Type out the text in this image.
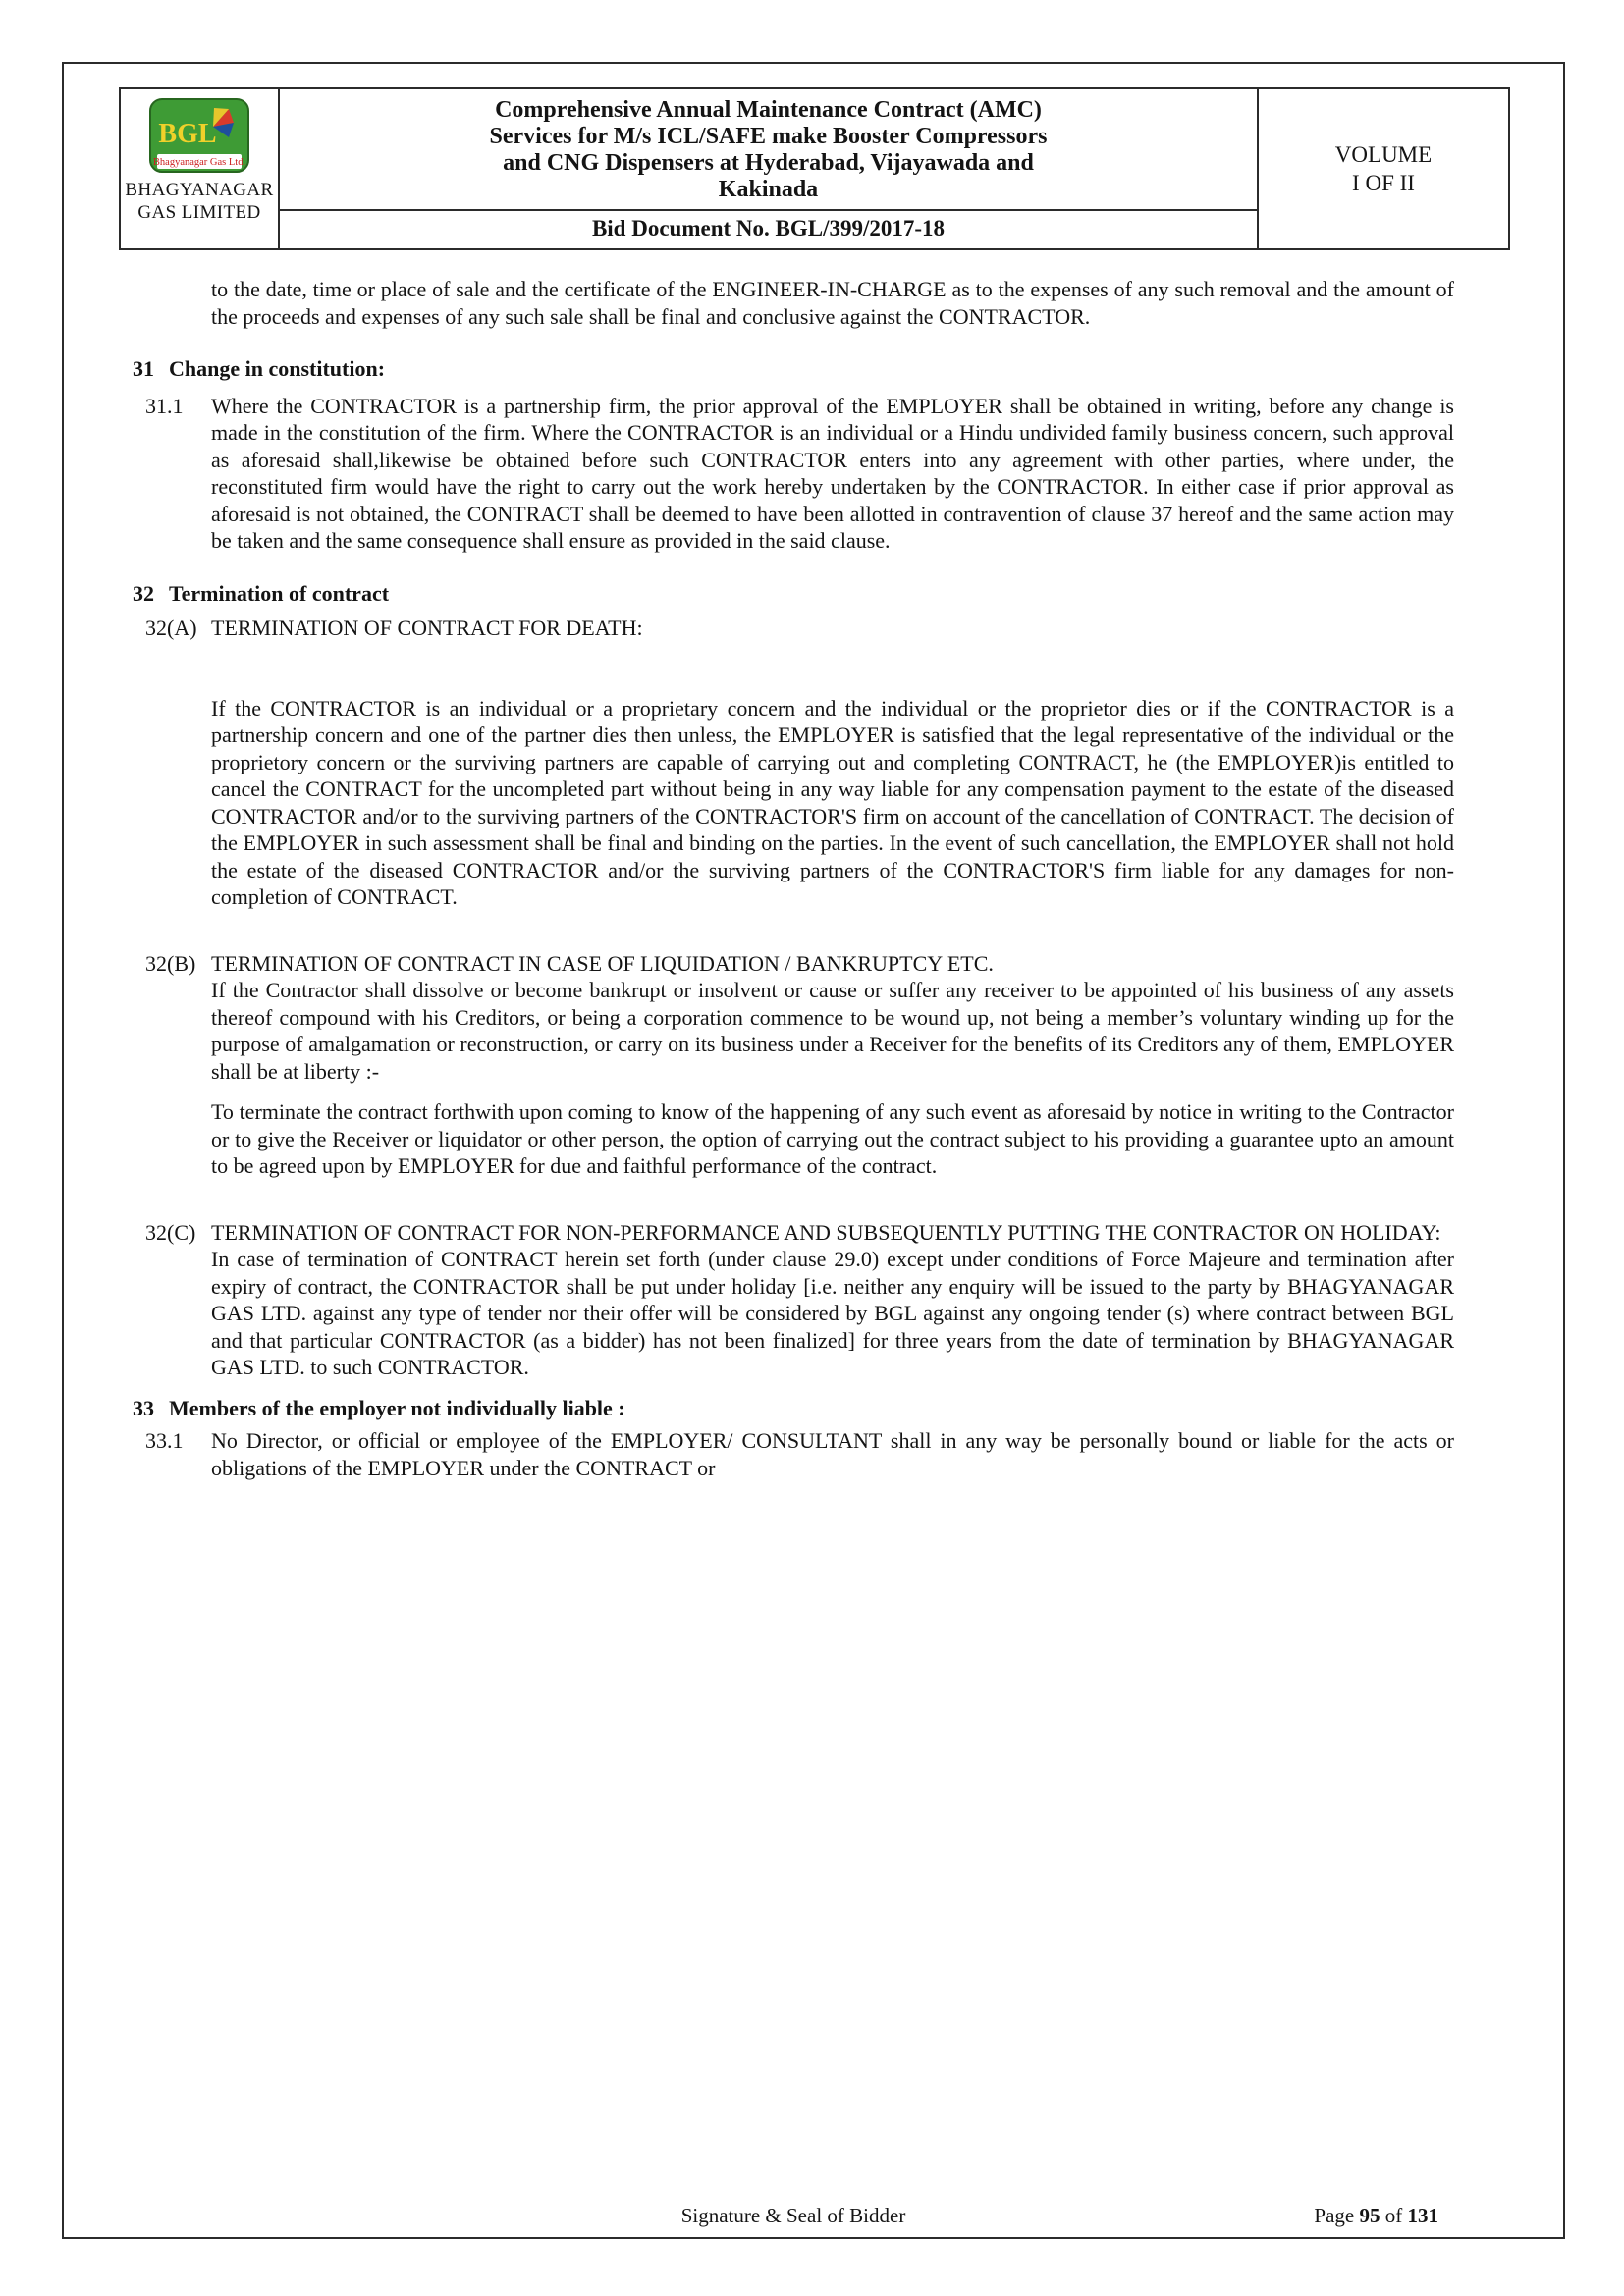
BGL
Bhagyanagar Gas Ltd.
BHAGYANAGAR
GAS LIMITED
Comprehensive Annual Maintenance Contract (AMC)
Services for M/s ICL/SAFE make Booster Compressors
and CNG Dispensers at Hyderabad, Vijayawada and
Kakinada
Bid Document No. BGL/399/2017-18
VOLUME
I OF II

to the date, time or place of sale and the certificate of the ENGINEER-IN-CHARGE as to the expenses of any such removal and the amount of the proceeds and expenses of any such sale shall be final and conclusive against the CONTRACTOR.

31 Change in constitution:
31.1	Where the CONTRACTOR is a partnership firm, the prior approval of the EMPLOYER shall be obtained in writing, before any change is made in the constitution of the firm. Where the CONTRACTOR is an individual or a Hindu undivided family business concern, such approval as aforesaid shall,likewise be obtained before such CONTRACTOR enters into any agreement with other parties, where under, the reconstituted firm would have the right to carry out the work hereby undertaken by the CONTRACTOR. In either case if prior approval as aforesaid is not obtained, the CONTRACT shall be deemed to have been allotted in contravention of clause 37 hereof and the same action may be taken and the same consequence shall ensure as provided in the said clause.

32 Termination of contract
32(A) TERMINATION OF CONTRACT FOR DEATH:

If the CONTRACTOR is an individual or a proprietary concern and the individual or the proprietor dies or if the CONTRACTOR is a partnership concern and one of the partner dies then unless, the EMPLOYER is satisfied that the legal representative of the individual or the proprietory concern or the surviving partners are capable of carrying out and completing CONTRACT, he (the EMPLOYER)is entitled to cancel the CONTRACT for the uncompleted part without being in any way liable for any compensation payment to the estate of the diseased CONTRACTOR and/or to the surviving partners of the CONTRACTOR'S firm on account of the cancellation of CONTRACT. The decision of the EMPLOYER in such assessment shall be final and binding on the parties. In the event of such cancellation, the EMPLOYER shall not hold the estate of the diseased CONTRACTOR and/or the surviving partners of the CONTRACTOR'S firm liable for any damages for non-completion of CONTRACT.

32(B) TERMINATION OF CONTRACT IN CASE OF LIQUIDATION / BANKRUPTCY ETC.

If the Contractor shall dissolve or become bankrupt or insolvent or cause or suffer any receiver to be appointed of his business of any assets thereof compound with his Creditors, or being a corporation commence to be wound up, not being a member’s voluntary winding up for the purpose of amalgamation or reconstruction, or carry on its business under a Receiver for the benefits of its Creditors any of them, EMPLOYER shall be at liberty :-

To terminate the contract forthwith upon coming to know of the happening of any such event as aforesaid by notice in writing to the Contractor or to give the Receiver or liquidator or other person, the option of carrying out the contract subject to his providing a guarantee upto an amount to be agreed upon by EMPLOYER for due and faithful performance of the contract.

32(C) TERMINATION OF CONTRACT FOR NON-PERFORMANCE AND SUBSEQUENTLY PUTTING THE CONTRACTOR ON HOLIDAY:

In case of termination of CONTRACT herein set forth (under clause 29.0) except under conditions of Force Majeure and termination after expiry of contract, the CONTRACTOR shall be put under holiday [i.e. neither any enquiry will be issued to the party by BHAGYANAGAR GAS LTD. against any type of tender nor their offer will be considered by BGL against any ongoing tender (s) where contract between BGL and that particular CONTRACTOR (as a bidder) has not been finalized] for three years from the date of termination by BHAGYANAGAR GAS LTD. to such CONTRACTOR.

33 Members of the employer not individually liable :
33.1	No Director, or official or employee of the EMPLOYER/ CONSULTANT shall in any way be personally bound or liable for the acts or obligations of the EMPLOYER under the CONTRACT or

Signature & Seal of Bidder	Page 95 of 131
